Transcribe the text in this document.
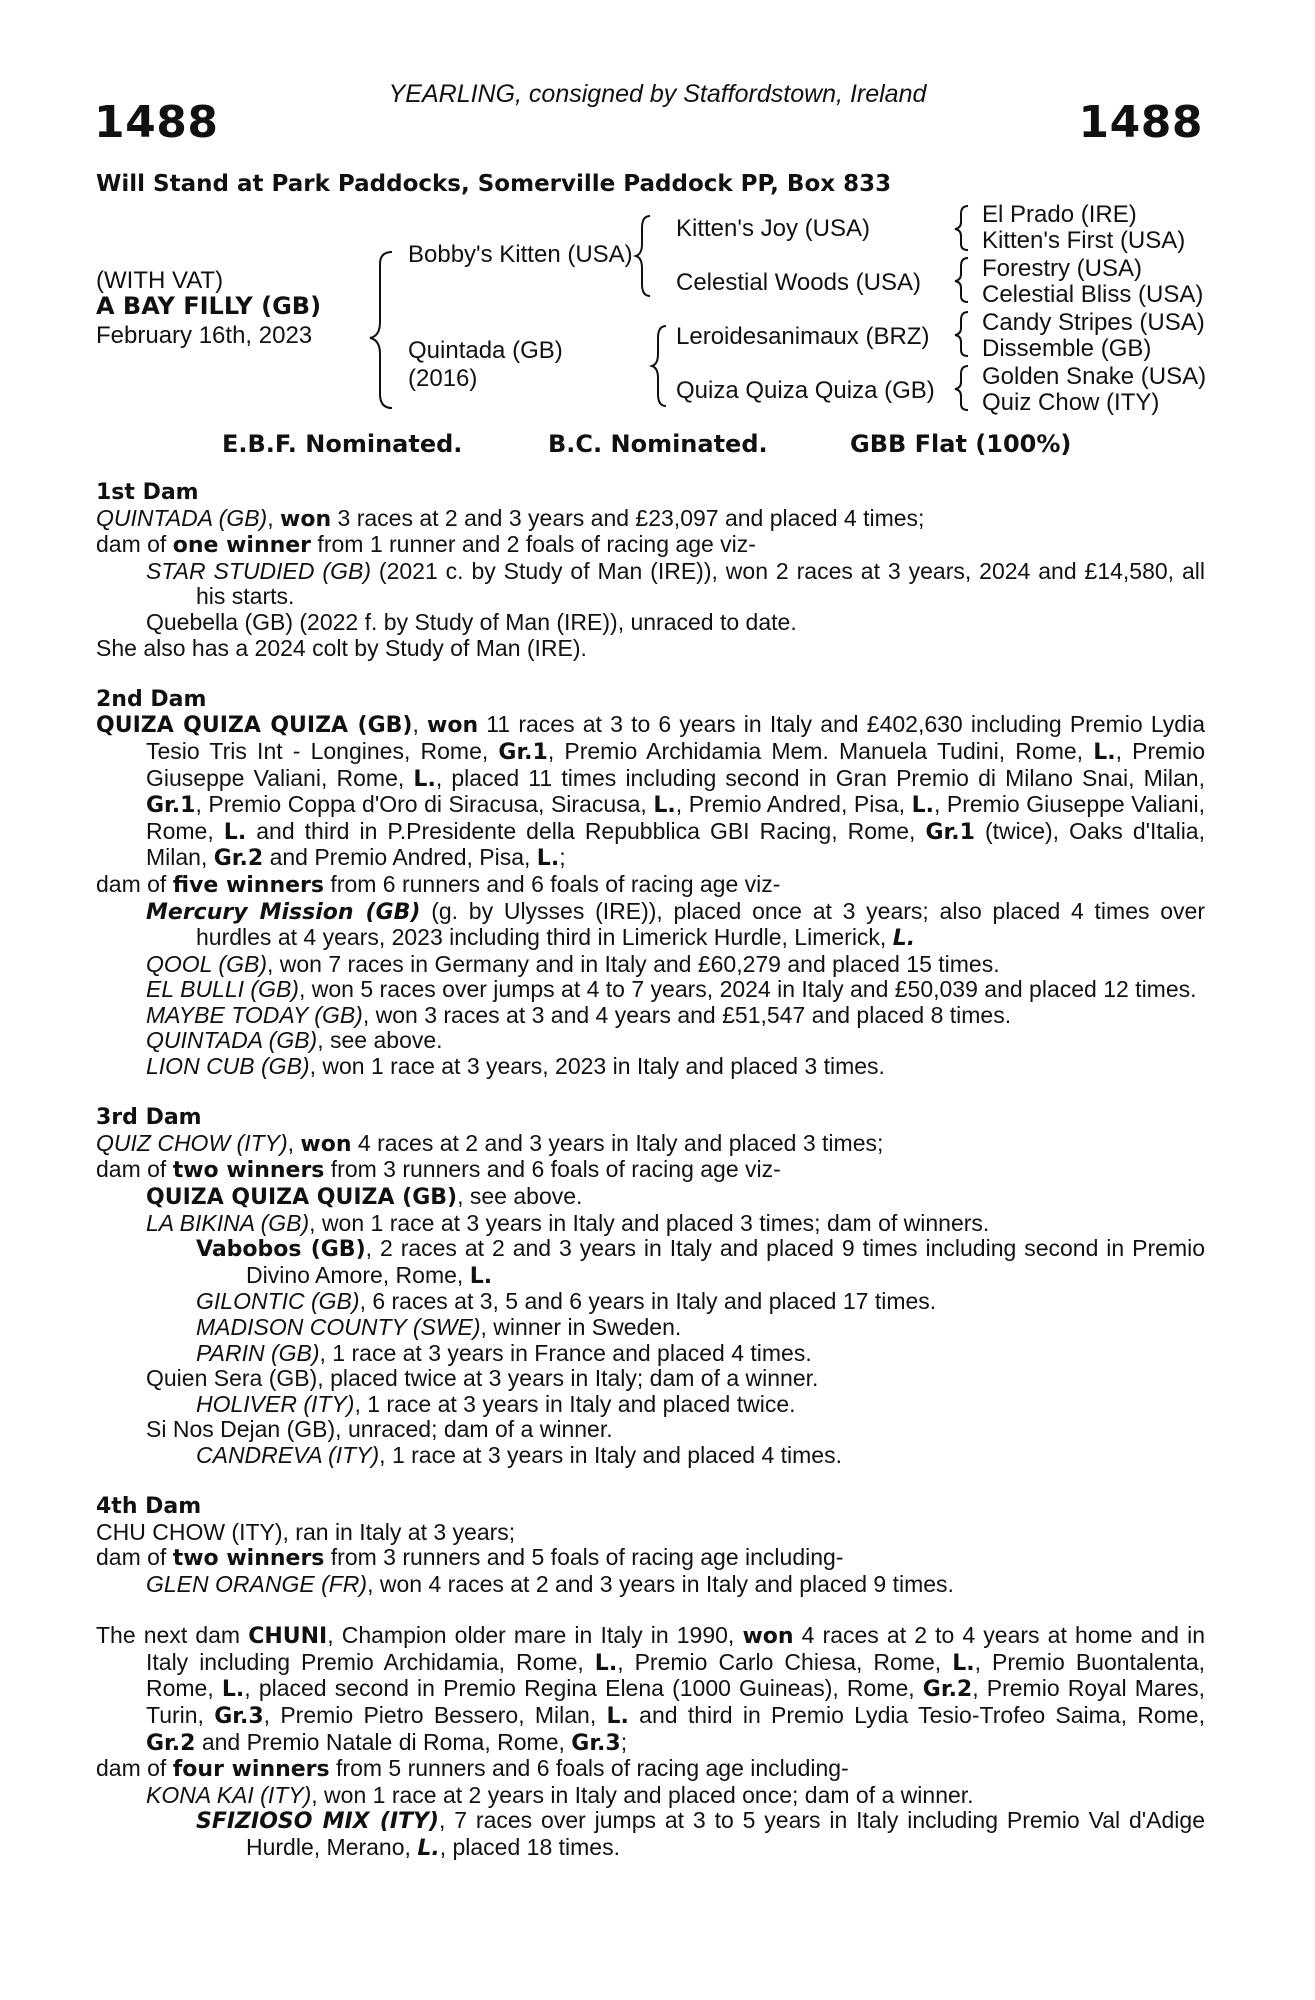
YEARLING, consigned by Staffordstown, Ireland
1488	1488
Will Stand at Park Paddocks, Somerville Paddock PP, Box 833
(WITH VAT)
A BAY FILLY (GB)
February 16th, 2023
Bobby's Kitten (USA)
Quintada (GB)
(2016)
Kitten's Joy (USA)
Celestial Woods (USA)
Leroidesanimaux (BRZ)
Quiza Quiza Quiza (GB)
El Prado (IRE)
Kitten's First (USA)
Forestry (USA)
Celestial Bliss (USA)
Candy Stripes (USA)
Dissemble (GB)
Golden Snake (USA)
Quiz Chow (ITY)
E.B.F. Nominated.	B.C. Nominated.	GBB Flat (100%)
1st Dam
QUINTADA (GB), won 3 races at 2 and 3 years and £23,097 and placed 4 times;
dam of one winner from 1 runner and 2 foals of racing age viz-
STAR STUDIED (GB) (2021 c. by Study of Man (IRE)), won 2 races at 3 years, 2024 and £14,580, all his starts.
Quebella (GB) (2022 f. by Study of Man (IRE)), unraced to date.
She also has a 2024 colt by Study of Man (IRE).
2nd Dam
QUIZA QUIZA QUIZA (GB), won 11 races at 3 to 6 years in Italy and £402,630 including Premio Lydia Tesio Tris Int - Longines, Rome, Gr.1, Premio Archidamia Mem. Manuela Tudini, Rome, L., Premio Giuseppe Valiani, Rome, L., placed 11 times including second in Gran Premio di Milano Snai, Milan, Gr.1, Premio Coppa d'Oro di Siracusa, Siracusa, L., Premio Andred, Pisa, L., Premio Giuseppe Valiani, Rome, L. and third in P.Presidente della Repubblica GBI Racing, Rome, Gr.1 (twice), Oaks d'Italia, Milan, Gr.2 and Premio Andred, Pisa, L.;
dam of five winners from 6 runners and 6 foals of racing age viz-
Mercury Mission (GB) (g. by Ulysses (IRE)), placed once at 3 years; also placed 4 times over hurdles at 4 years, 2023 including third in Limerick Hurdle, Limerick, L.
QOOL (GB), won 7 races in Germany and in Italy and £60,279 and placed 15 times.
EL BULLI (GB), won 5 races over jumps at 4 to 7 years, 2024 in Italy and £50,039 and placed 12 times.
MAYBE TODAY (GB), won 3 races at 3 and 4 years and £51,547 and placed 8 times.
QUINTADA (GB), see above.
LION CUB (GB), won 1 race at 3 years, 2023 in Italy and placed 3 times.
3rd Dam
QUIZ CHOW (ITY), won 4 races at 2 and 3 years in Italy and placed 3 times;
dam of two winners from 3 runners and 6 foals of racing age viz-
QUIZA QUIZA QUIZA (GB), see above.
LA BIKINA (GB), won 1 race at 3 years in Italy and placed 3 times; dam of winners.
Vabobos (GB), 2 races at 2 and 3 years in Italy and placed 9 times including second in Premio Divino Amore, Rome, L.
GILONTIC (GB), 6 races at 3, 5 and 6 years in Italy and placed 17 times.
MADISON COUNTY (SWE), winner in Sweden.
PARIN (GB), 1 race at 3 years in France and placed 4 times.
Quien Sera (GB), placed twice at 3 years in Italy; dam of a winner.
HOLIVER (ITY), 1 race at 3 years in Italy and placed twice.
Si Nos Dejan (GB), unraced; dam of a winner.
CANDREVA (ITY), 1 race at 3 years in Italy and placed 4 times.
4th Dam
CHU CHOW (ITY), ran in Italy at 3 years;
dam of two winners from 3 runners and 5 foals of racing age including-
GLEN ORANGE (FR), won 4 races at 2 and 3 years in Italy and placed 9 times.
The next dam CHUNI, Champion older mare in Italy in 1990, won 4 races at 2 to 4 years at home and in Italy including Premio Archidamia, Rome, L., Premio Carlo Chiesa, Rome, L., Premio Buontalenta, Rome, L., placed second in Premio Regina Elena (1000 Guineas), Rome, Gr.2, Premio Royal Mares, Turin, Gr.3, Premio Pietro Bessero, Milan, L. and third in Premio Lydia Tesio-Trofeo Saima, Rome, Gr.2 and Premio Natale di Roma, Rome, Gr.3;
dam of four winners from 5 runners and 6 foals of racing age including-
KONA KAI (ITY), won 1 race at 2 years in Italy and placed once; dam of a winner.
SFIZIOSO MIX (ITY), 7 races over jumps at 3 to 5 years in Italy including Premio Val d'Adige Hurdle, Merano, L., placed 18 times.
